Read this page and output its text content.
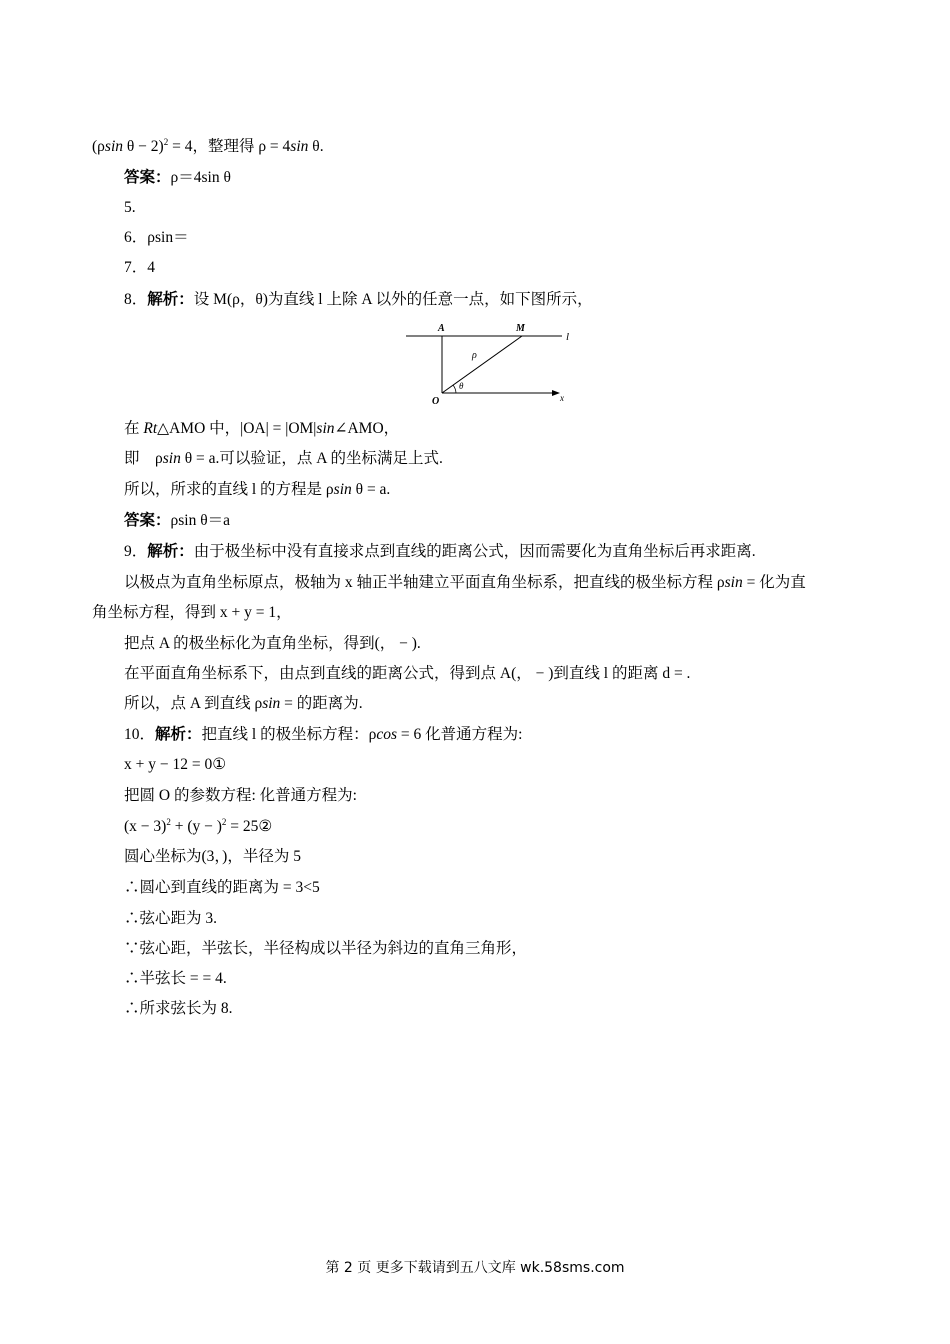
(ρsin θ − 2)$^2$ = 4，整理得 ρ = 4sin θ.
答案：ρ＝4sin θ
5.
6．ρsin＝
7．4
8．解析：设 M(ρ，θ)为直线 l 上除 A 以外的任意一点，如下图所示，
A	M
l
ρ
θ
O	x
在 Rt△AMO 中，|OA| = |OM|sin∠AMO，
即    ρsin θ = a.可以验证，点 A 的坐标满足上式.
所以，所求的直线 l 的方程是 ρsin θ = a.
答案：ρsin θ＝a
9．解析：由于极坐标中没有直接求点到直线的距离公式，因而需要化为直角坐标后再求距离.
以极点为直角坐标原点，极轴为 x 轴正半轴建立平面直角坐标系，把直线的极坐标方程 ρsin = 化为直
角坐标方程，得到 x + y = 1，
把点 A 的极坐标化为直角坐标，得到(， − ).
在平面直角坐标系下，由点到直线的距离公式，得到点 A(， − )到直线 l 的距离 d = .
所以，点 A 到直线 ρsin = 的距离为.
10．解析：把直线 l 的极坐标方程：ρcos = 6 化普通方程为:
x + y − 12 = 0①
把圆 O 的参数方程: 化普通方程为:
$(x - 3)^2 + (y - )^2$ = 25②
圆心坐标为(3，)，半径为 5
∴圆心到直线的距离为 = 3<5
∴弦心距为 3.
∵弦心距，半弦长，半径构成以半径为斜边的直角三角形，
∴半弦长 = = 4.
∴所求弦长为 8.
第 2 页 更多下载请到五八文库 wk.58sms.com
